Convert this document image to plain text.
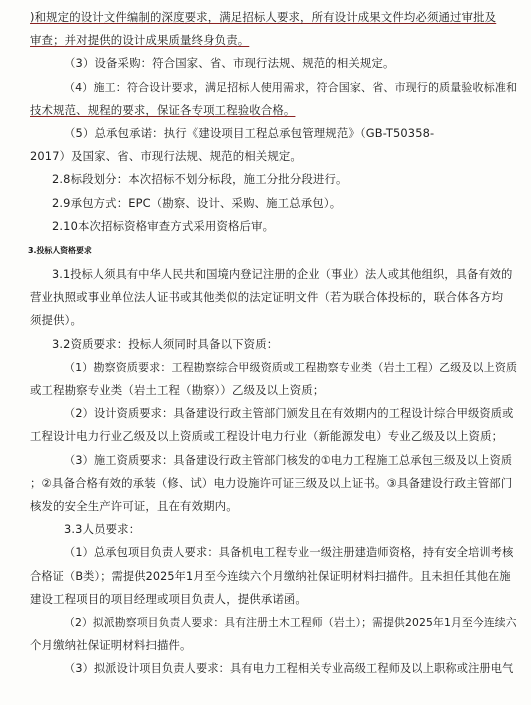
)和规定的设计文件编制的深度要求，满足招标人要求，所有设计成果文件均必须通过审批及
审查；并对提供的设计成果质量终身负责。
（3）设备采购：符合国家、省、市现行法规、规范的相关规定。
（4）施工：符合设计要求，满足招标人使用需求，符合国家、省、市现行的质量验收标准和
技术规范、规程的要求，保证各专项工程验收合格。
（5）总承包承诺：执行《建设项目工程总承包管理规范》（GB-T50358-
2017）及国家、省、市现行法规、规范的相关规定。
2.8标段划分：本次招标不划分标段，施工分批分段进行。
2.9承包方式：EPC（勘察、设计、采购、施工总承包）。
2.10本次招标资格审查方式采用资格后审。
3.投标人资格要求
3.1投标人须具有中华人民共和国境内登记注册的企业（事业）法人或其他组织，具备有效的
营业执照或事业单位法人证书或其他类似的法定证明文件（若为联合体投标的，联合体各方均
须提供）。
3.2资质要求：投标人须同时具备以下资质：
（1）勘察资质要求：工程勘察综合甲级资质或工程勘察专业类（岩土工程）乙级及以上资质
或工程勘察专业类（岩土工程（勘察））乙级及以上资质；
（2）设计资质要求：具备建设行政主管部门颁发且在有效期内的工程设计综合甲级资质或
工程设计电力行业乙级及以上资质或工程设计电力行业（新能源发电）专业乙级及以上资质；
（3）施工资质要求：具备建设行政主管部门核发的①电力工程施工总承包三级及以上资质
；②具备合格有效的承装（修、试）电力设施许可证三级及以上证书。③具备建设行政主管部门
核发的安全生产许可证，且在有效期内。
3.3人员要求：
（1）总承包项目负责人要求：具备机电工程专业一级注册建造师资格，持有安全培训考核
合格证（B类）；需提供2025年1月至今连续六个月缴纳社保证明材料扫描件。且未担任其他在施
建设工程项目的项目经理或项目负责人，提供承诺函。
（2）拟派勘察项目负责人要求：具有注册土木工程师（岩土）；需提供2025年1月至今连续六
个月缴纳社保证明材料扫描件。
（3）拟派设计项目负责人要求：具有电力工程相关专业高级工程师及以上职称或注册电气
